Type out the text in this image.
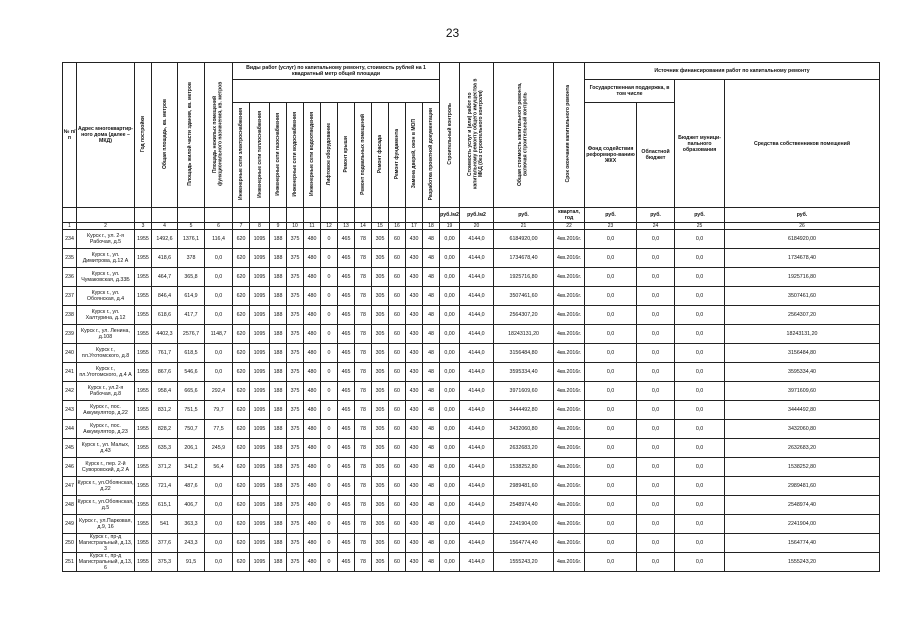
23
№ п/п	Адрес многоквартир-ного дома (далее – МКД)	Год постройки	Общая площадь, кв. метров	Площадь жилой части здания, кв. метров	Площадь нежилых помещений функционального назначения, кв. метров	Виды работ (услуг) по капитальному ремонту, стоимость рублей на 1 квадратный метр общей площади												Строительный контроль	Стоимость услуг и (или) работ по капитальному ремонту общего имущества в МКД (без строительного контроля)	Общая стоимость капитального ремонта, включая строительный контроль	Срок окончания капитального ремонта	Источник финансирования работ по капитальному ремонту			
																						Государственная поддержка, в том числе		Бюджет муници-пального образования	Средства собственников помещений
						Инженерные сети электроснабжения	Инженерные сети теплоснабжения	Инженерные сети газоснабжения	Инженерные сети водоснабжения	Инженерные сети водоотведения	Лифтовое оборудование	Ремонт крыши	Ремонт подвальных помещений	Ремонт фасада	Ремонт фундамента	Замена дверей, окон в МОП	Разработка проектной документации					Фонд содействия реформиро-ванию ЖКХ	Областной бюджет		
																		руб./м2	руб./м2	руб.	квартал, год	руб.	руб.	руб.	руб.
1	2	3	4	5	6	7	8	9	10	11	12	13	14	15	16	17	18	19	20	21	22	23	24	25	26
234	Курск г., ул. 2-я Рабочая, д.5	1955	1492,6	1376,1	116,4	620	1095	188	375	480	0	465	78	305	60	430	48	0,00	4144,0	6184920,00	4кв.2016г.	0,0	0,0	0,0	6184920,00
235	Курск г., ул. Димитрова, д.12 А	1955	418,6	378	0,0	620	1095	188	375	480	0	465	78	305	60	430	48	0,00	4144,0	1734678,40	4кв.2016г.	0,0	0,0	0,0	1734678,40
236	Курск г., ул. Чумаковская, д.33Б	1955	464,7	365,8	0,0	620	1095	188	375	480	0	465	78	305	60	430	48	0,00	4144,0	1925716,80	4кв.2016г.	0,0	0,0	0,0	1925716,80
237	Курск г., ул. Обоянская, д.4	1955	846,4	614,9	0,0	620	1095	188	375	480	0	465	78	305	60	430	48	0,00	4144,0	3507461,60	4кв.2016г.	0,0	0,0	0,0	3507461,60
238	Курск г., ул. Халтурина, д.12	1955	618,6	417,7	0,0	620	1095	188	375	480	0	465	78	305	60	430	48	0,00	4144,0	2564307,20	4кв.2016г.	0,0	0,0	0,0	2564307,20
239	Курск г., ул. Ленина, д.108	1955	4402,3	2576,7	1148,7	620	1095	188	375	480	0	465	78	305	60	430	48	0,00	4144,0	18243131,20	4кв.2016г.	0,0	0,0	0,0	18243131,20
240	Курск г., пл.Уготомского, д.8	1955	761,7	618,5	0,0	620	1095	188	375	480	0	465	78	305	60	430	48	0,00	4144,0	3156484,80	4кв.2016г.	0,0	0,0	0,0	3156484,80
241	Курск г., пл.Уготомского, д.4 А	1955	867,6	546,6	0,0	620	1095	188	375	480	0	465	78	305	60	430	48	0,00	4144,0	3595334,40	4кв.2016г.	0,0	0,0	0,0	3595334,40
242	Курск г., ул.2-я Рабочая, д.8	1955	958,4	665,6	292,4	620	1095	188	375	480	0	465	78	305	60	430	48	0,00	4144,0	3971609,60	4кв.2016г.	0,0	0,0	0,0	3971609,60
243	Курск г., пос. Аккумулятор, д.22	1955	831,2	751,5	79,7	620	1095	188	375	480	0	465	78	305	60	430	48	0,00	4144,0	3444492,80	4кв.2016г.	0,0	0,0	0,0	3444492,80
244	Курск г., пос. Аккумулятор, д.23	1955	828,2	750,7	77,5	620	1095	188	375	480	0	465	78	305	60	430	48	0,00	4144,0	3432060,80	4кв.2016г.	0,0	0,0	0,0	3432060,80
245	Курск г., ул. Малых, д.43	1955	635,3	206,1	245,9	620	1095	188	375	480	0	465	78	305	60	430	48	0,00	4144,0	2632683,20	4кв.2016г.	0,0	0,0	0,0	2632683,20
246	Курск г., пер. 2-й Суворовский, д.2 А	1955	371,2	341,2	56,4	620	1095	188	375	480	0	465	78	305	60	430	48	0,00	4144,0	1538252,80	4кв.2016г.	0,0	0,0	0,0	1538252,80
247	Курск г., ул.Обоянская, д.22	1955	721,4	487,6	0,0	620	1095	188	375	480	0	465	78	305	60	430	48	0,00	4144,0	2989481,60	4кв.2016г.	0,0	0,0	0,0	2989481,60
248	Курск г., ул.Обоянская, д.5	1955	615,1	406,7	0,0	620	1095	188	375	480	0	465	78	305	60	430	48	0,00	4144,0	2548974,40	4кв.2016г.	0,0	0,0	0,0	2548974,40
249	Курск г., ул.Парковая, д.9, 16	1955	541	363,3	0,0	620	1095	188	375	480	0	465	78	305	60	430	48	0,00	4144,0	2241904,00	4кв.2016г.	0,0	0,0	0,0	2241904,00
250	Курск г., пр-д Магистральный, д.13, 3	1955	377,6	243,3	0,0	620	1095	188	375	480	0	465	78	305	60	430	48	0,00	4144,0	1564774,40	4кв.2016г.	0,0	0,0	0,0	1564774,40
251	Курск г., пр-д Магистральный, д.13, 6	1955	375,3	91,5	0,0	620	1095	188	375	480	0	465	78	305	60	430	48	0,00	4144,0	1555243,20	4кв.2016г.	0,0	0,0	0,0	1555243,20
